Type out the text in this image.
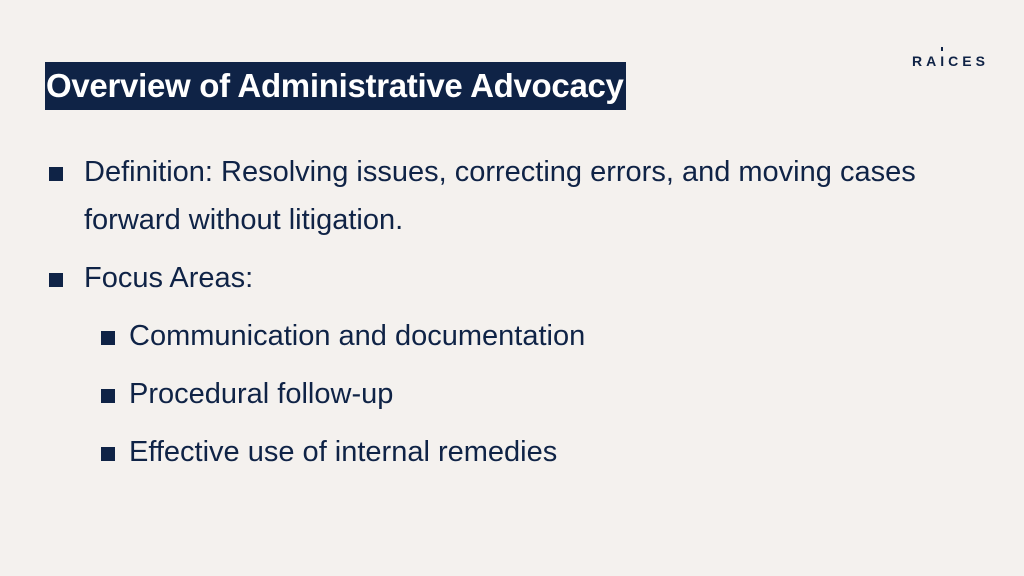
RAICES
Overview of Administrative Advocacy
Definition: Resolving issues, correcting errors, and moving cases forward without litigation.
Focus Areas:
Communication and documentation
Procedural follow-up
Effective use of internal remedies
